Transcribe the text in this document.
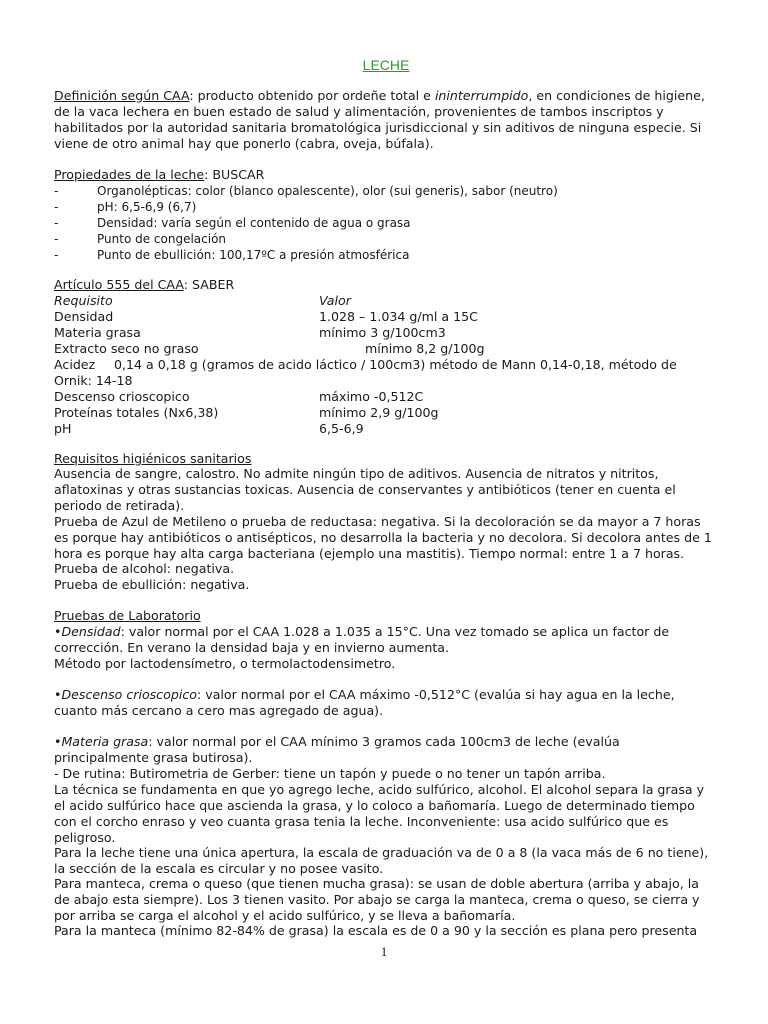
LECHE
Definición según CAA: producto obtenido por ordeñe total e ininterrumpido, en condiciones de higiene, de la vaca lechera en buen estado de salud y alimentación, provenientes de tambos inscriptos y habilitados por la autoridad sanitaria bromatológica jurisdiccional y sin aditivos de ninguna especie. Si viene de otro animal hay que ponerlo (cabra, oveja, búfala).
Propiedades de la leche: BUSCAR
-	Organolépticas: color (blanco opalescente), olor (sui generis), sabor (neutro)
-	pH: 6,5-6,9 (6,7)
-	Densidad: varía según el contenido de agua o grasa
-	Punto de congelación
-	Punto de ebullición: 100,17ºC a presión atmosférica
Artículo 555 del CAA: SABER
Requisito	Valor
Densidad	1.028 – 1.034 g/ml a 15C
Materia grasa	mínimo 3 g/100cm3
Extracto seco no graso	mínimo 8,2 g/100g
Acidez 0,14 a 0,18 g (gramos de acido láctico / 100cm3) método de Mann 0,14-0,18, método de
Ornik: 14-18
Descenso crioscopico	máximo -0,512C
Proteínas totales (Nx6,38)	mínimo 2,9 g/100g
pH	6,5-6,9
Requisitos higiénicos sanitarios
Ausencia de sangre, calostro. No admite ningún tipo de aditivos. Ausencia de nitratos y nitritos, aflatoxinas y otras sustancias toxicas. Ausencia de conservantes y antibióticos (tener en cuenta el periodo de retirada).
Prueba de Azul de Metileno o prueba de reductasa: negativa. Si la decoloración se da mayor a 7 horas es porque hay antibióticos o antisépticos, no desarrolla la bacteria y no decolora. Si decolora antes de 1 hora es porque hay alta carga bacteriana (ejemplo una mastitis). Tiempo normal: entre 1 a 7 horas.
Prueba de alcohol: negativa.
Prueba de ebullición: negativa.
Pruebas de Laboratorio
•Densidad: valor normal por el CAA 1.028 a 1.035 a 15°C. Una vez tomado se aplica un factor de corrección. En verano la densidad baja y en invierno aumenta.
Método por lactodensímetro, o termolactodensimetro.
•Descenso crioscopico: valor normal por el CAA máximo -0,512°C (evalúa si hay agua en la leche, cuanto más cercano a cero mas agregado de agua).
•Materia grasa: valor normal por el CAA mínimo 3 gramos cada 100cm3 de leche (evalúa principalmente grasa butirosa).
- De rutina: Butirometria de Gerber: tiene un tapón y puede o no tener un tapón arriba.
La técnica se fundamenta en que yo agrego leche, acido sulfúrico, alcohol. El alcohol separa la grasa y el acido sulfúrico hace que ascienda la grasa, y lo coloco a bañomaría. Luego de determinado tiempo con el corcho enraso y veo cuanta grasa tenia la leche. Inconveniente: usa acido sulfúrico que es peligroso.
Para la leche tiene una única apertura, la escala de graduación va de 0 a 8 (la vaca más de 6 no tiene), la sección de la escala es circular y no posee vasito.
Para manteca, crema o queso (que tienen mucha grasa): se usan de doble abertura (arriba y abajo, la de abajo esta siempre). Los 3 tienen vasito. Por abajo se carga la manteca, crema o queso, se cierra y por arriba se carga el alcohol y el acido sulfúrico, y se lleva a bañomaría.
Para la manteca (mínimo 82-84% de grasa) la escala es de 0 a 90 y la sección es plana pero presenta
1
